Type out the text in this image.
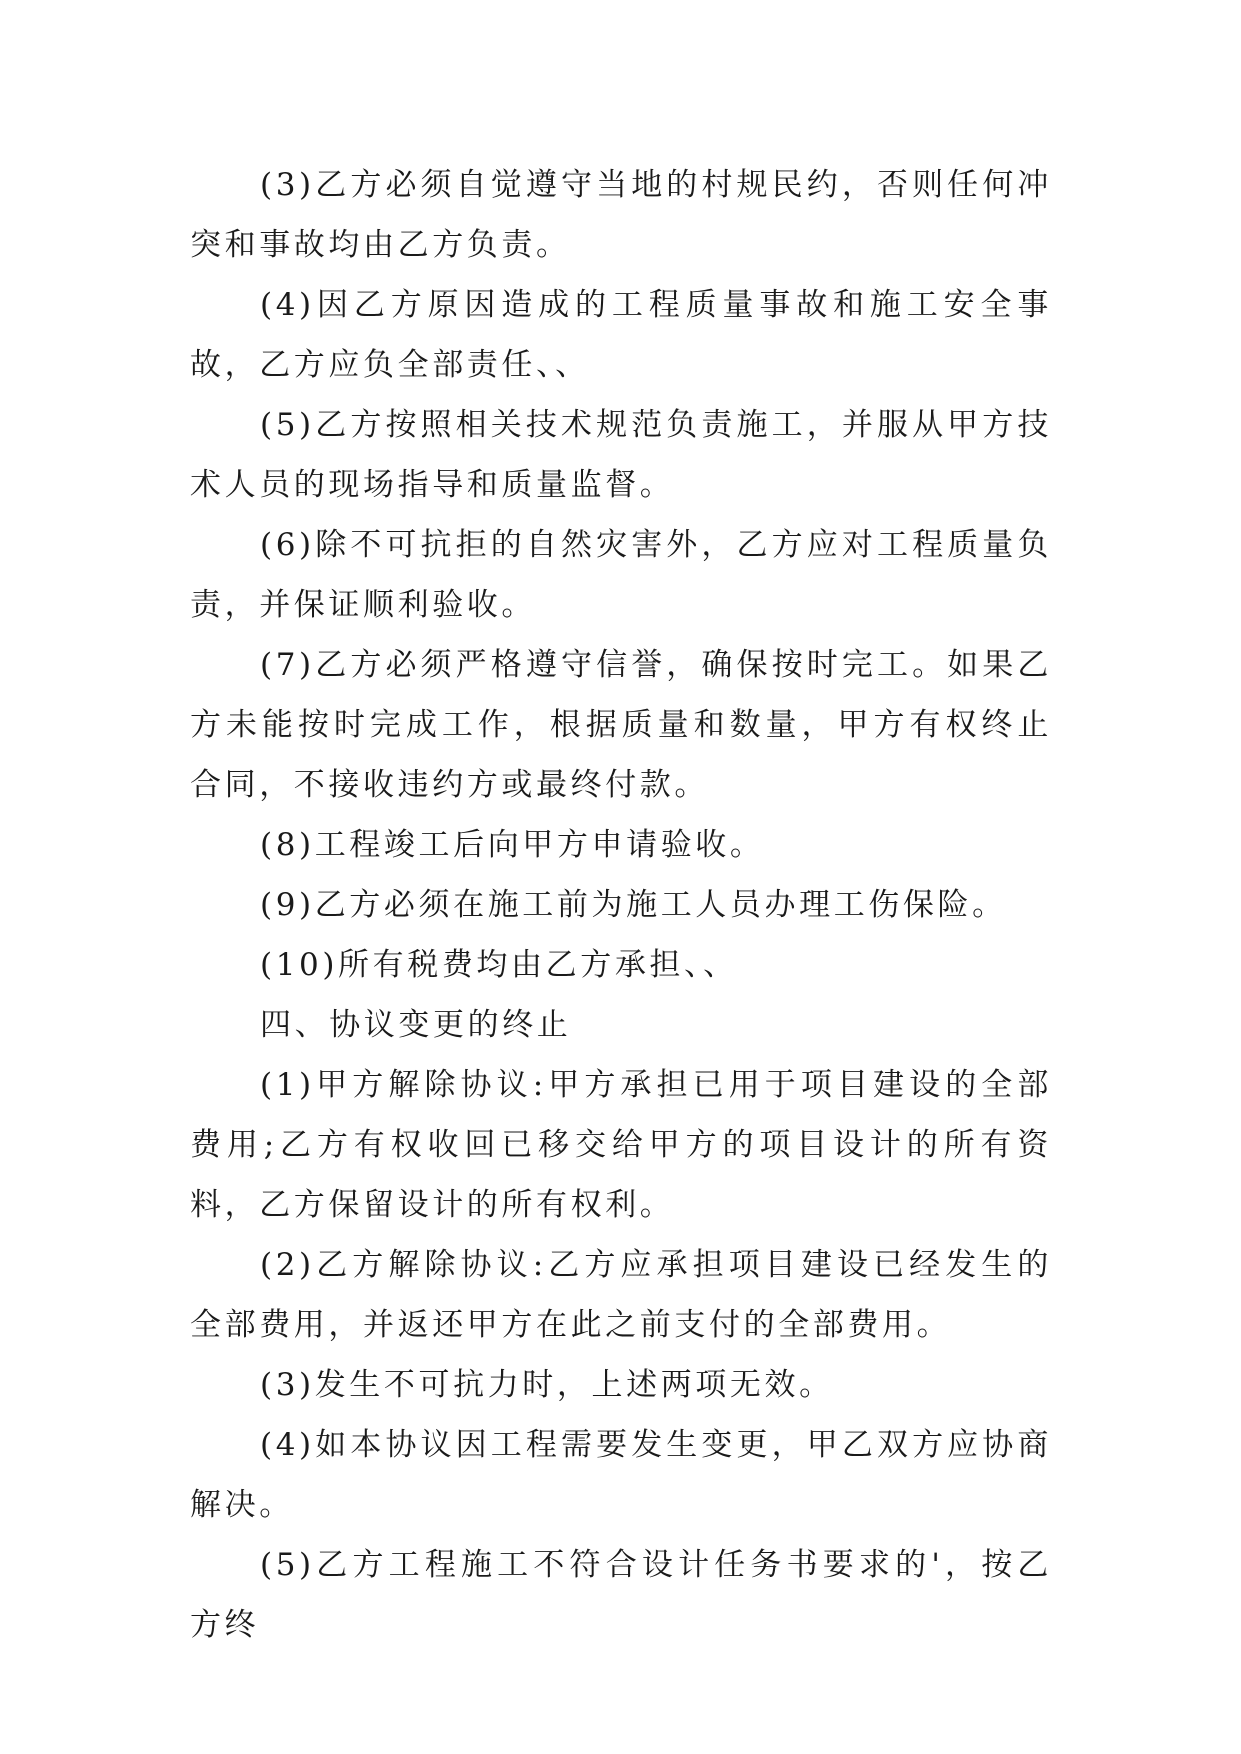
(3)乙方必须自觉遵守当地的村规民约，否则任何冲突和事故均由乙方负责。

(4)因乙方原因造成的工程质量事故和施工安全事故，乙方应负全部责任、、

(5)乙方按照相关技术规范负责施工，并服从甲方技术人员的现场指导和质量监督。

(6)除不可抗拒的自然灾害外，乙方应对工程质量负责，并保证顺利验收。

(7)乙方必须严格遵守信誉，确保按时完工。如果乙方未能按时完成工作，根据质量和数量，甲方有权终止合同，不接收违约方或最终付款。

(8)工程竣工后向甲方申请验收。

(9)乙方必须在施工前为施工人员办理工伤保险。

(10)所有税费均由乙方承担、、

四、协议变更的终止

(1)甲方解除协议:甲方承担已用于项目建设的全部费用;乙方有权收回已移交给甲方的项目设计的所有资料，乙方保留设计的所有权利。

(2)乙方解除协议:乙方应承担项目建设已经发生的全部费用，并返还甲方在此之前支付的全部费用。

(3)发生不可抗力时，上述两项无效。

(4)如本协议因工程需要发生变更，甲乙双方应协商解决。

(5)乙方工程施工不符合设计任务书要求的'，按乙方终
